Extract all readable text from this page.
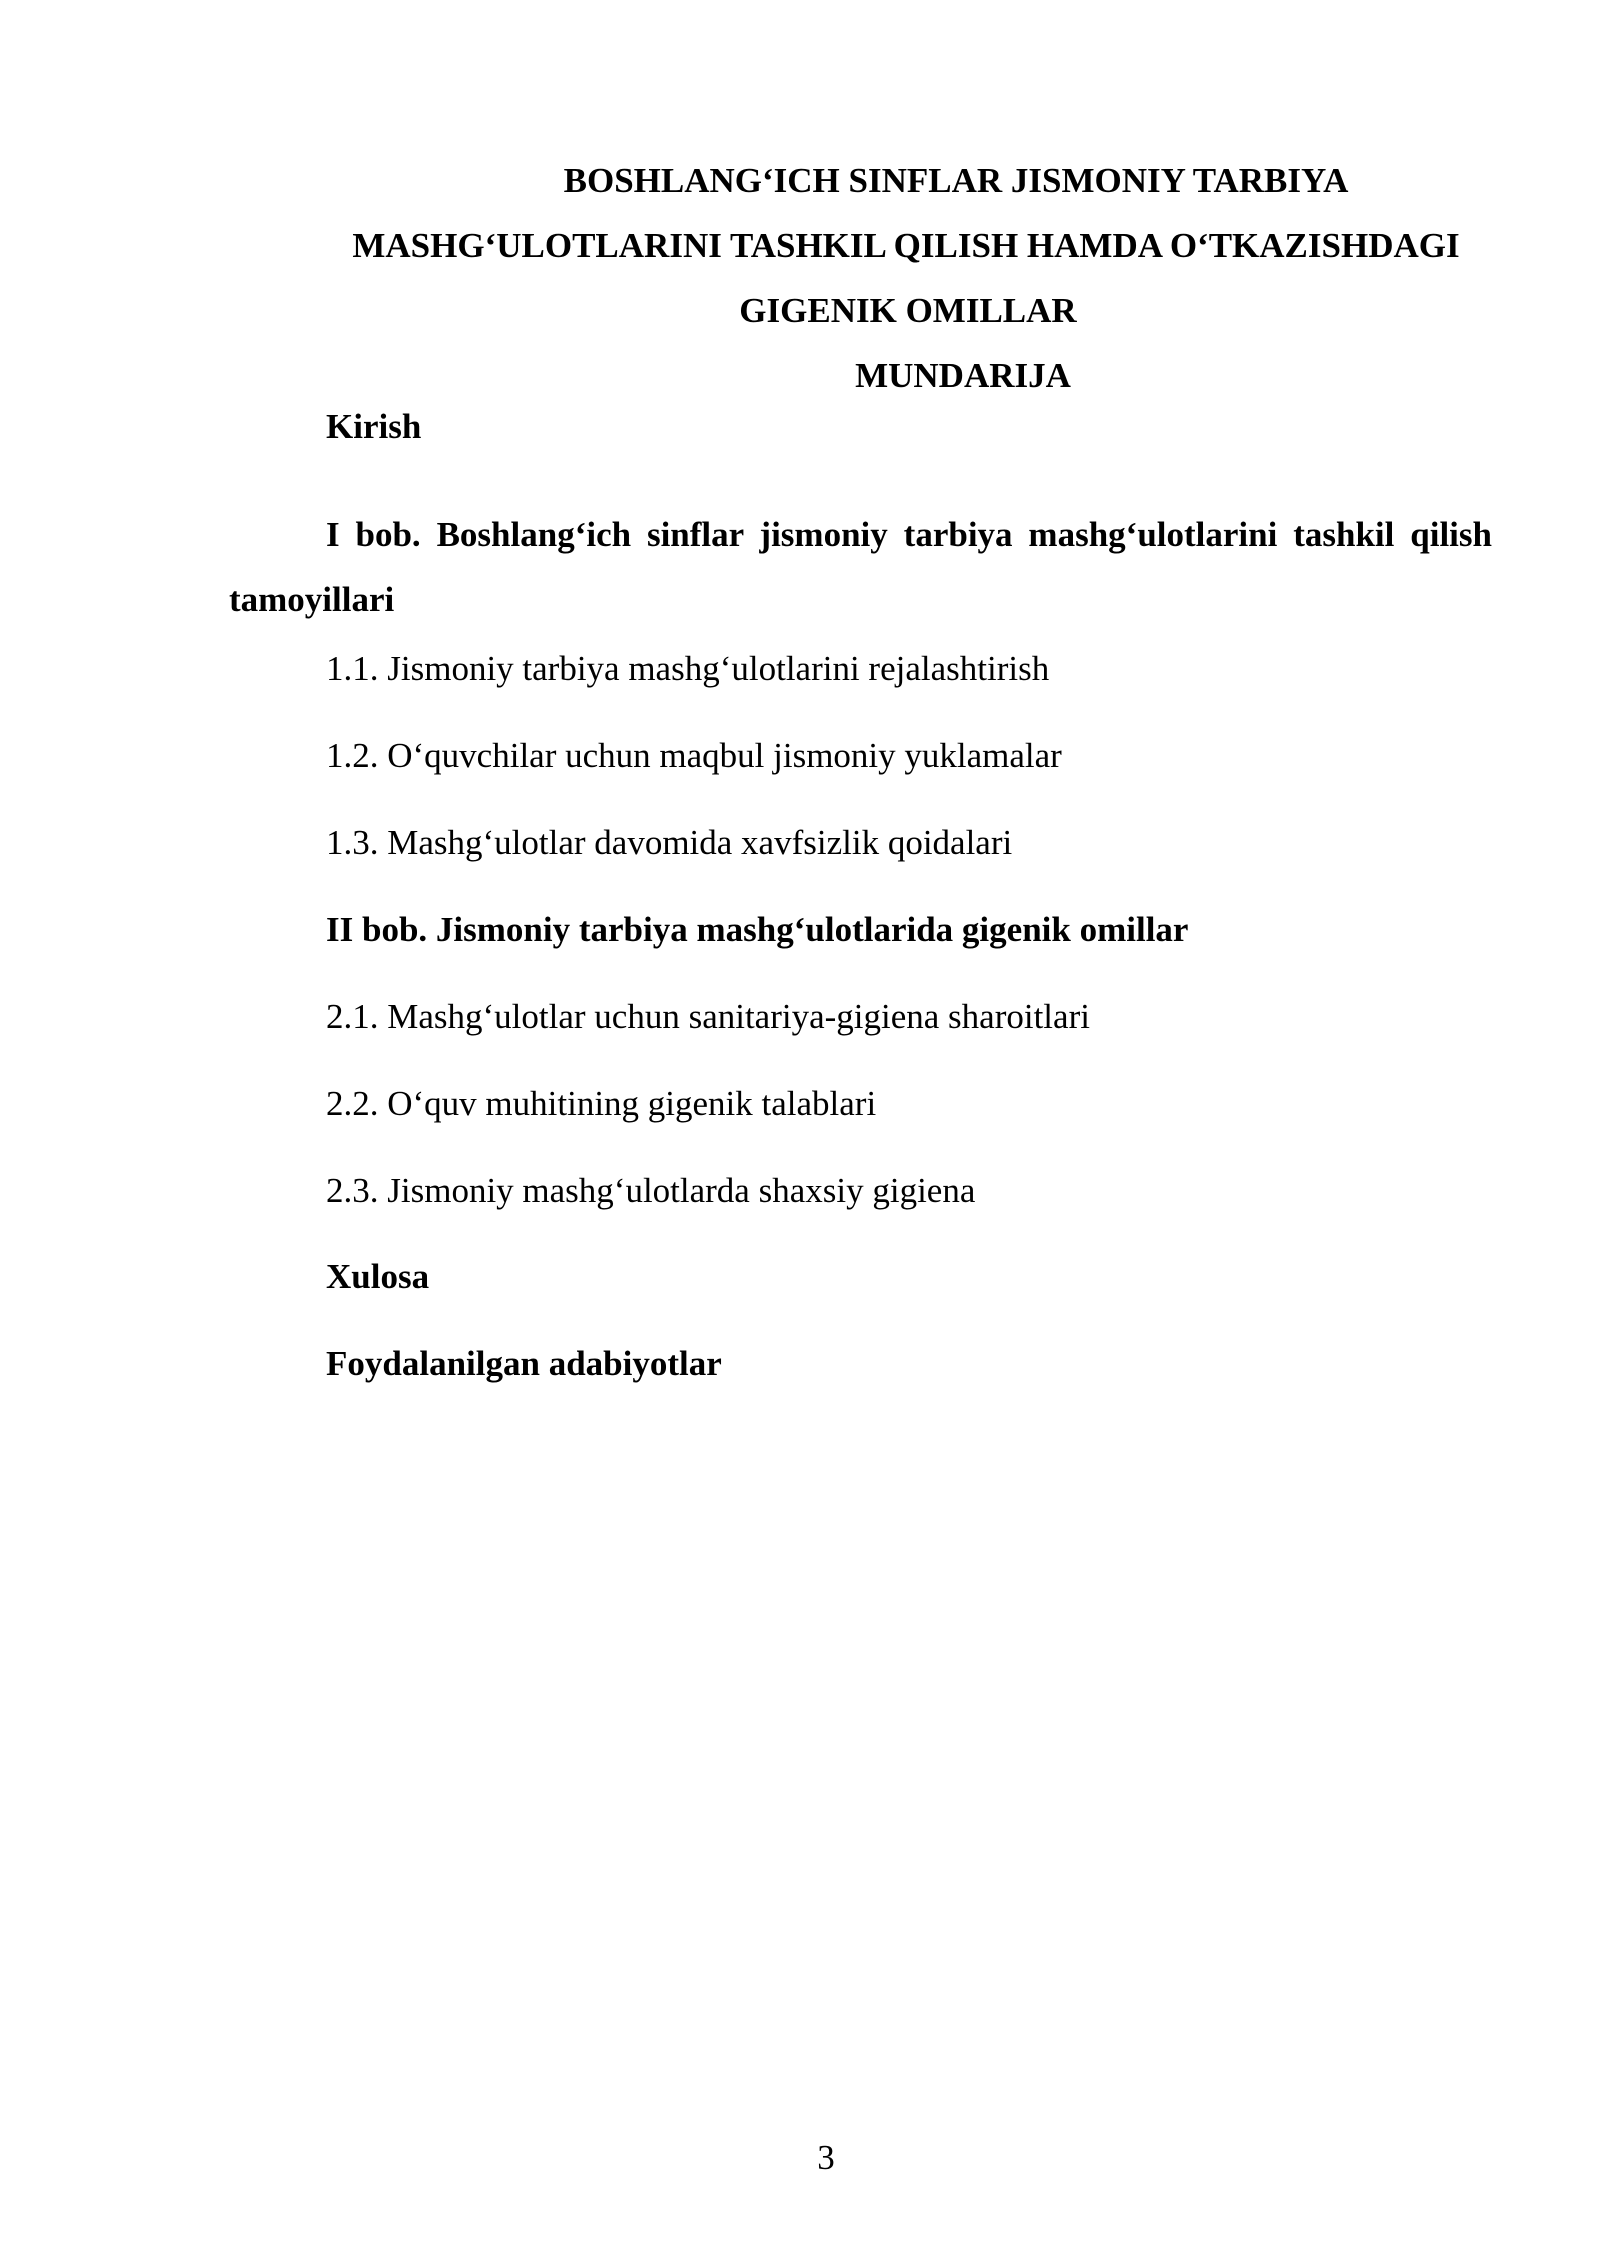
BOSHLANG‘ICH SINFLAR JISMONIY TARBIYA
MASHG‘ULOTLARINI TASHKIL QILISH HAMDA O‘TKAZISHDAGI
GIGENIK OMILLAR
MUNDARIJA
Kirish
I bob. Boshlang‘ich sinflar jismoniy tarbiya mashg‘ulotlarini tashkil qilish tamoyillari
1.1. Jismoniy tarbiya mashg‘ulotlarini rejalashtirish
1.2. O‘quvchilar uchun maqbul jismoniy yuklamalar
1.3. Mashg‘ulotlar davomida xavfsizlik qoidalari
II bob. Jismoniy tarbiya mashg‘ulotlarida gigenik omillar
2.1. Mashg‘ulotlar uchun sanitariya-gigiena sharoitlari
2.2. O‘quv muhitining gigenik talablari
2.3. Jismoniy mashg‘ulotlarda shaxsiy gigiena
Xulosa
Foydalanilgan adabiyotlar
3
